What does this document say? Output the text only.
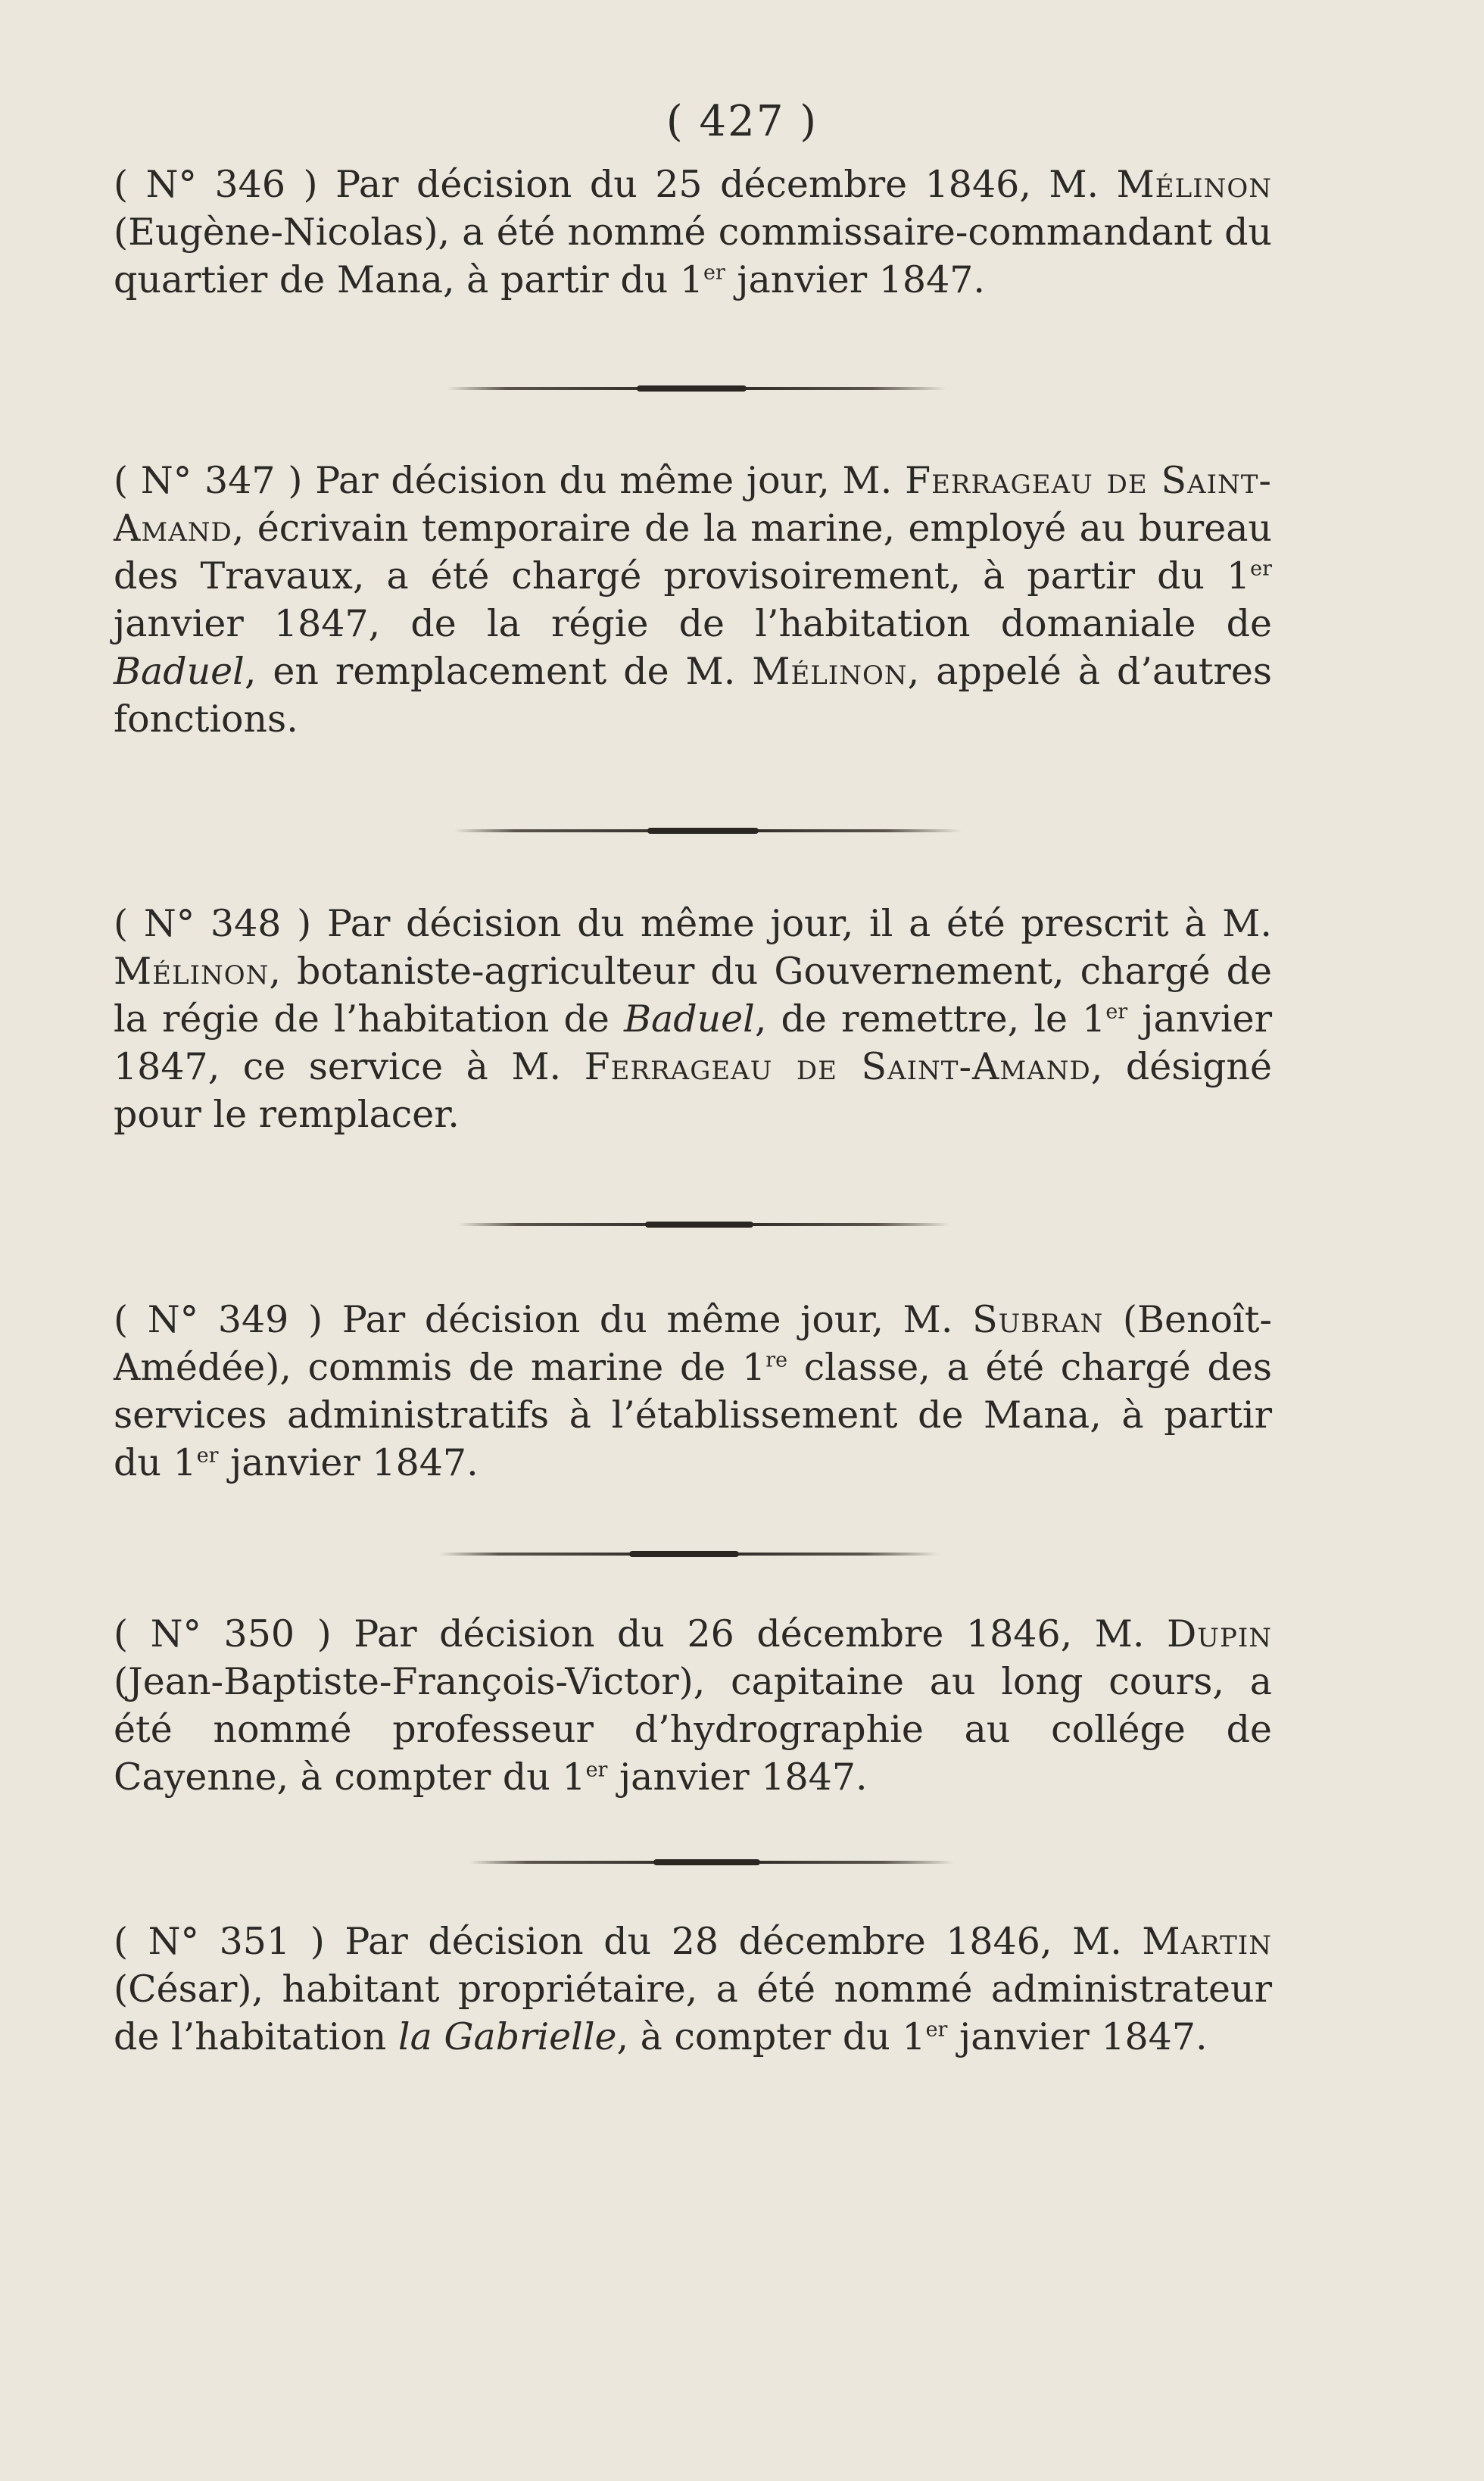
( 427 )

( N° 346 ) Par décision du 25 décembre 1846, M. Mélinon (Eugène-Nicolas), a été nommé commissaire-commandant du quartier de Mana, à partir du 1er janvier 1847.

( N° 347 ) Par décision du même jour, M. Ferrageau de Saint-Amand, écrivain temporaire de la marine, employé au bureau des Travaux, a été chargé provisoirement, à partir du 1er janvier 1847, de la régie de l’habitation domaniale de Baduel, en remplacement de M. Mélinon, appelé à d’autres fonctions.

( N° 348 ) Par décision du même jour, il a été prescrit à M. Mélinon, botaniste-agriculteur du Gouvernement, chargé de la régie de l’habitation de Baduel, de remettre, le 1er janvier 1847, ce service à M. Ferrageau de Saint-Amand, désigné pour le remplacer.

( N° 349 ) Par décision du même jour, M. Subran (Benoît-Amédée), commis de marine de 1re classe, a été chargé des services administratifs à l’établissement de Mana, à partir du 1er janvier 1847.

( N° 350 ) Par décision du 26 décembre 1846, M. Dupin (Jean-Baptiste-François-Victor), capitaine au long cours, a été nommé professeur d’hydrographie au collége de Cayenne, à compter du 1er janvier 1847.

( N° 351 ) Par décision du 28 décembre 1846, M. Martin (César), habitant propriétaire, a été nommé administrateur de l’habitation la Gabrielle, à compter du 1er janvier 1847.
